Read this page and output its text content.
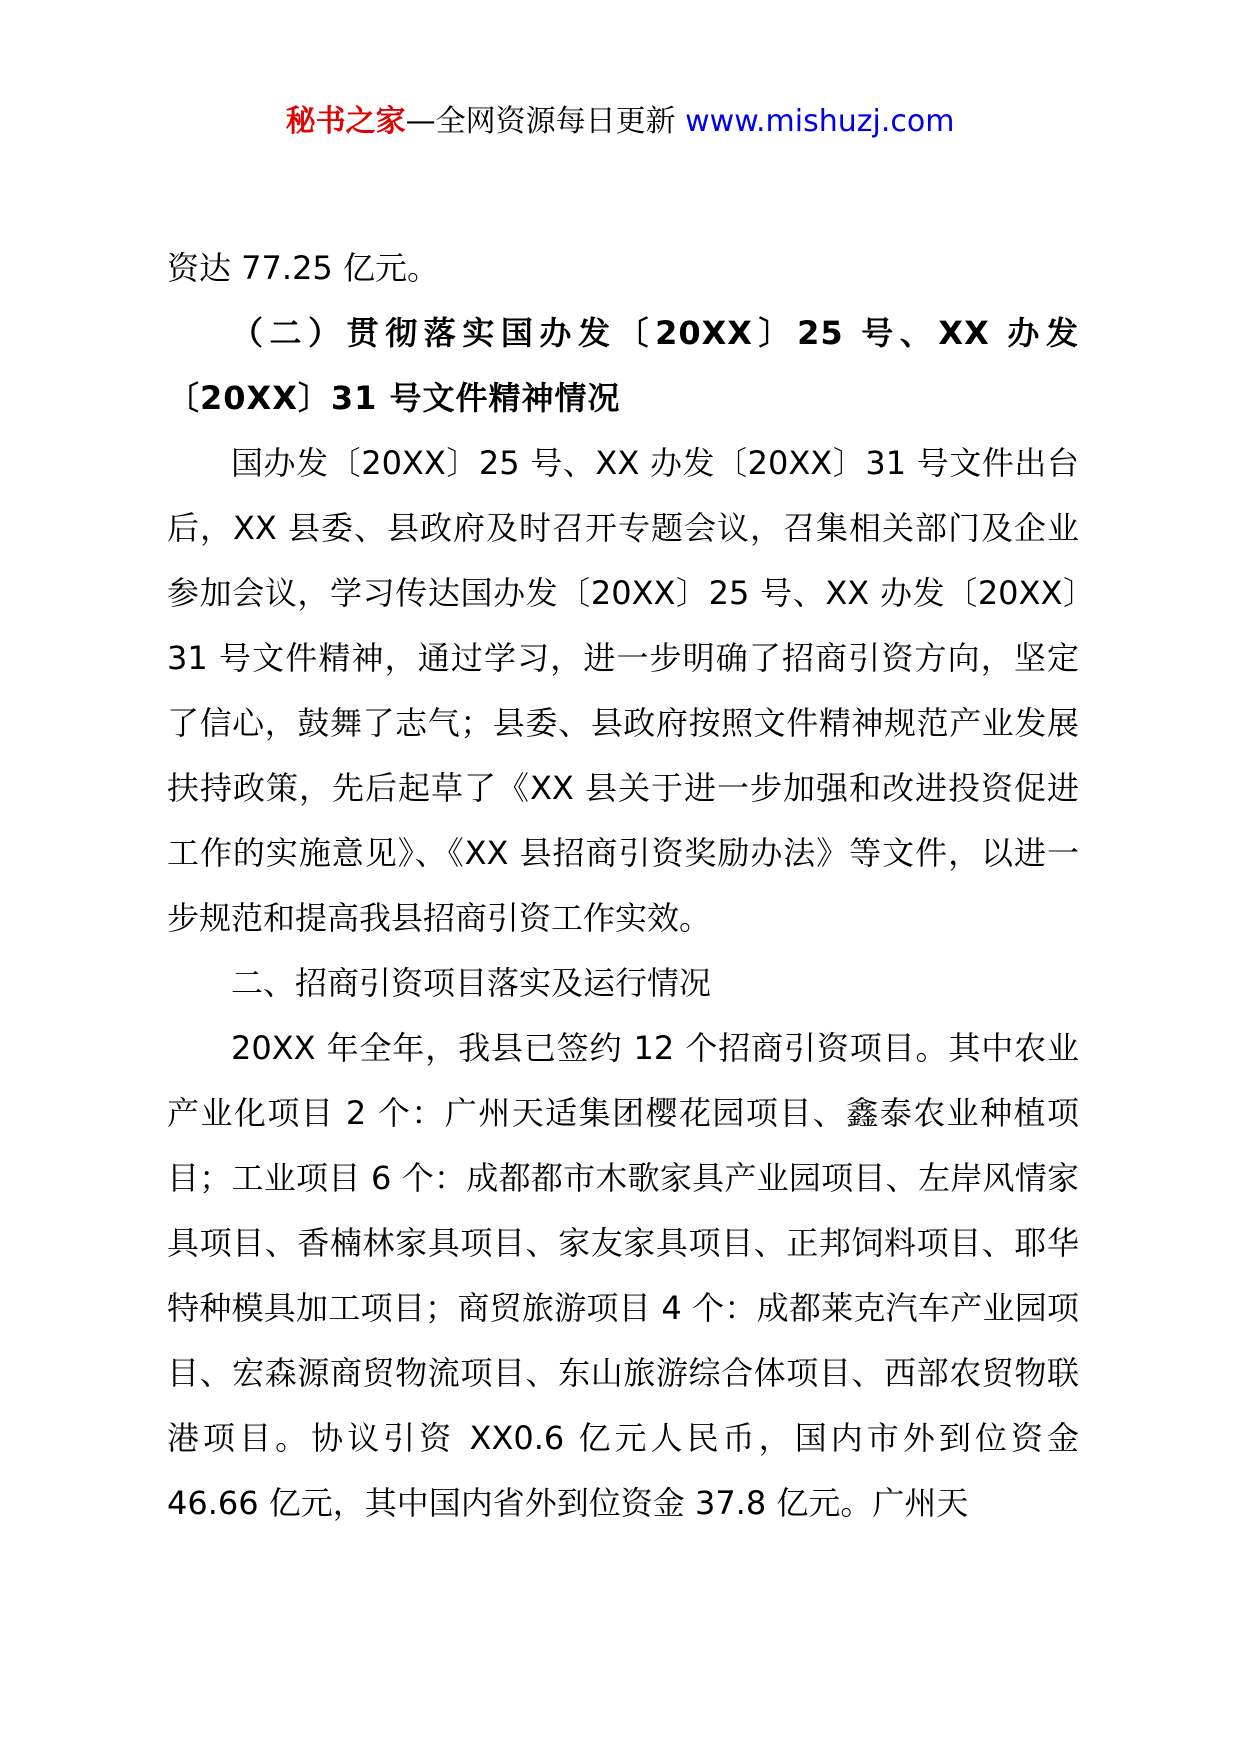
秘书之家—全网资源每日更新 www.mishuzj.com

资达 77.25 亿元。

（二）贯彻落实国办发〔20XX〕25 号、XX 办发〔20XX〕31 号文件精神情况

国办发〔20XX〕25 号、XX 办发〔20XX〕31 号文件出台后，XX 县委、县政府及时召开专题会议，召集相关部门及企业参加会议，学习传达国办发〔20XX〕25 号、XX 办发〔20XX〕31 号文件精神，通过学习，进一步明确了招商引资方向，坚定了信心，鼓舞了志气；县委、县政府按照文件精神规范产业发展扶持政策，先后起草了《XX 县关于进一步加强和改进投资促进工作的实施意见》、《XX 县招商引资奖励办法》等文件，以进一步规范和提高我县招商引资工作实效。

二、招商引资项目落实及运行情况

20XX 年全年，我县已签约 12 个招商引资项目。其中农业产业化项目 2 个：广州天适集团樱花园项目、鑫泰农业种植项目；工业项目 6 个：成都都市木歌家具产业园项目、左岸风情家具项目、香楠林家具项目、家友家具项目、正邦饲料项目、耶华特种模具加工项目；商贸旅游项目 4 个：成都莱克汽车产业园项目、宏森源商贸物流项目、东山旅游综合体项目、西部农贸物联港项目。协议引资 XX0.6 亿元人民币，国内市外到位资金 46.66 亿元，其中国内省外到位资金 37.8 亿元。广州天
